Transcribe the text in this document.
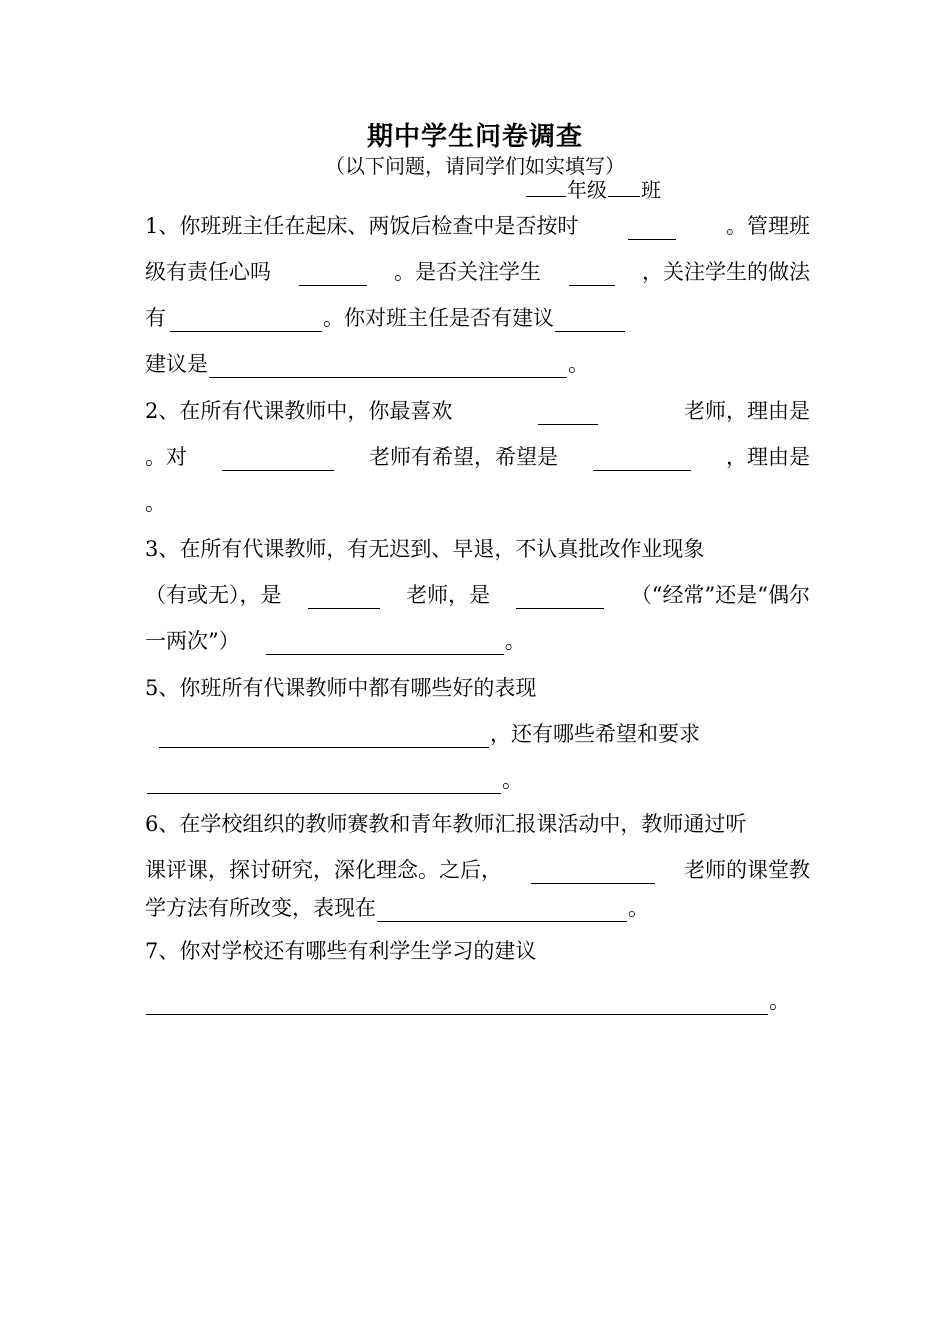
期中学生问卷调查
（以下问题，请同学们如实填写）
年级 班
1、你班班主任在起床、两饭后检查中是否按时	。管理班
级有责任心吗	。是否关注学生	，关注学生的做法
有	。你对班主任是否有建议
建议是	。
2、在所有代课教师中，你最喜欢	老师，理由是
。对	老师有希望，希望是	，理由是
。
3、在所有代课教师，有无迟到、早退，不认真批改作业现象
（有或无），是	老师，是	（“经常”还是“偶尔
一两次”）	。
5、你班所有代课教师中都有哪些好的表现
，还有哪些希望和要求
。
6、在学校组织的教师赛教和青年教师汇报课活动中，教师通过听
课评课，探讨研究，深化理念。之后，	老师的课堂教
学方法有所改变，表现在	。
7、你对学校还有哪些有利学生学习的建议
。
